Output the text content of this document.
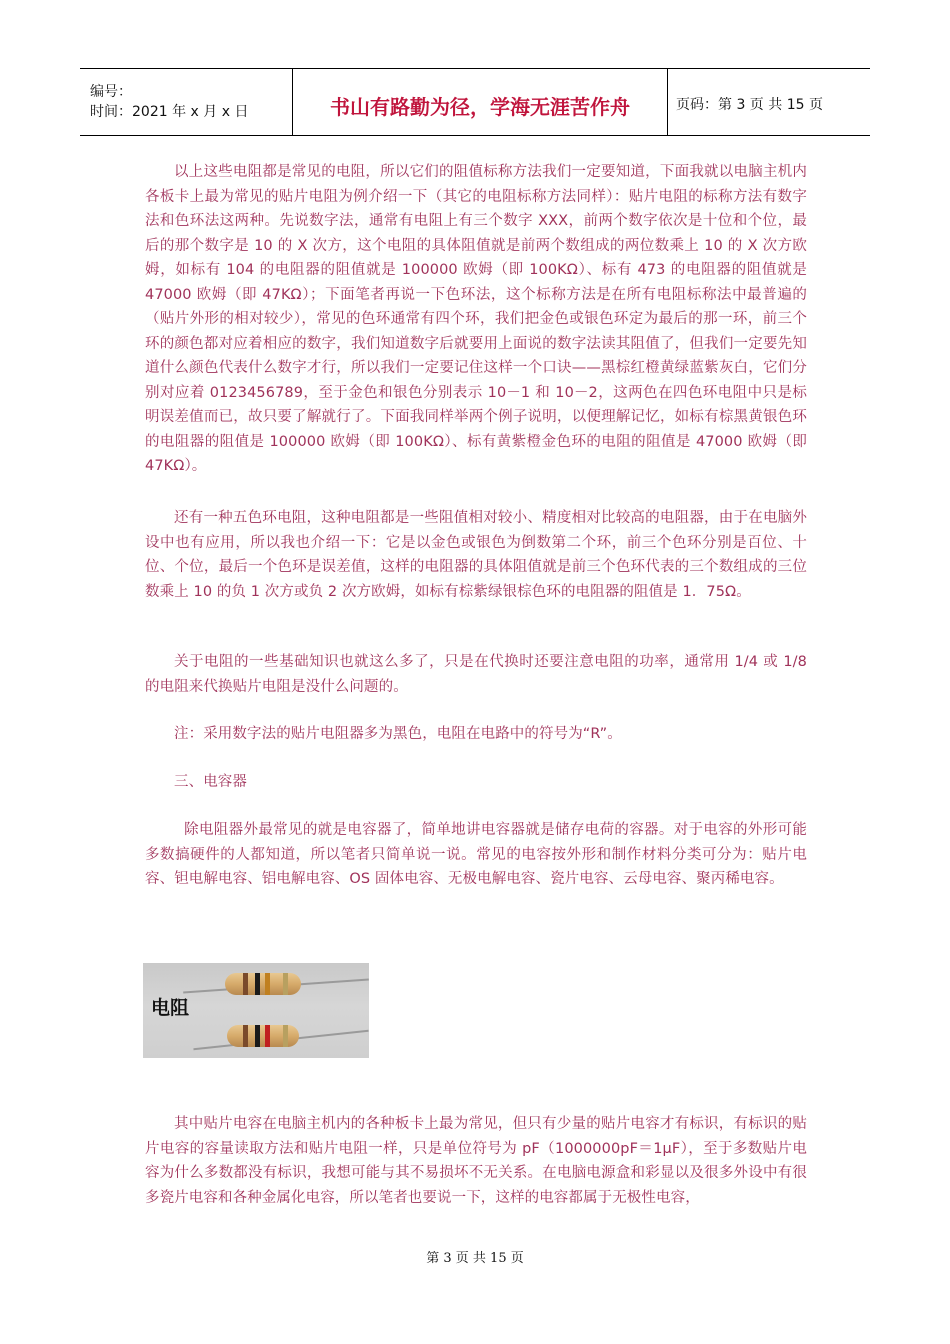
编号：
时间：2021 年 x 月 x 日	书山有路勤为径，学海无涯苦作舟	页码：第 3 页 共 15 页

以上这些电阻都是常见的电阻，所以它们的阻值标称方法我们一定要知道，下面我就以电脑主机内各板卡上最为常见的贴片电阻为例介绍一下（其它的电阻标称方法同样）：贴片电阻的标称方法有数字法和色环法这两种。先说数字法，通常有电阻上有三个数字 XXX，前两个数字依次是十位和个位，最后的那个数字是 10 的 X 次方，这个电阻的具体阻值就是前两个数组成的两位数乘上 10 的 X 次方欧姆，如标有 104 的电阻器的阻值就是 100000 欧姆（即 100KΩ）、标有 473 的电阻器的阻值就是 47000 欧姆（即 47KΩ）；下面笔者再说一下色环法，这个标称方法是在所有电阻标称法中最普遍的（贴片外形的相对较少），常见的色环通常有四个环，我们把金色或银色环定为最后的那一环，前三个环的颜色都对应着相应的数字，我们知道数字后就要用上面说的数字法读其阻值了，但我们一定要先知道什么颜色代表什么数字才行，所以我们一定要记住这样一个口诀——黑棕红橙黄绿蓝紫灰白，它们分别对应着 0123456789，至于金色和银色分别表示 10－1 和 10－2，这两色在四色环电阻中只是标明误差值而已，故只要了解就行了。下面我同样举两个例子说明，以便理解记忆，如标有棕黑黄银色环的电阻器的阻值是 100000 欧姆（即 100KΩ）、标有黄紫橙金色环的电阻的阻值是 47000 欧姆（即 47KΩ）。

还有一种五色环电阻，这种电阻都是一些阻值相对较小、精度相对比较高的电阻器，由于在电脑外设中也有应用，所以我也介绍一下：它是以金色或银色为倒数第二个环，前三个色环分别是百位、十位、个位，最后一个色环是误差值，这样的电阻器的具体阻值就是前三个色环代表的三个数组成的三位数乘上 10 的负 1 次方或负 2 次方欧姆，如标有棕紫绿银棕色环的电阻器的阻值是 1．75Ω。

关于电阻的一些基础知识也就这么多了，只是在代换时还要注意电阻的功率，通常用 1/4 或 1/8 的电阻来代换贴片电阻是没什么问题的。

注：采用数字法的贴片电阻器多为黑色，电阻在电路中的符号为“R”。

三、电容器

除电阻器外最常见的就是电容器了，简单地讲电容器就是储存电荷的容器。对于电容的外形可能多数搞硬件的人都知道，所以笔者只简单说一说。常见的电容按外形和制作材料分类可分为：贴片电容、钽电解电容、铝电解电容、OS 固体电容、无极电解电容、瓷片电容、云母电容、聚丙稀电容。

其中贴片电容在电脑主机内的各种板卡上最为常见，但只有少量的贴片电容才有标识，有标识的贴片电容的容量读取方法和贴片电阻一样，只是单位符号为 pF（1000000pF＝1μF），至于多数贴片电容为什么多数都没有标识，我想可能与其不易损坏不无关系。在电脑电源盒和彩显以及很多外设中有很多瓷片电容和各种金属化电容，所以笔者也要说一下，这样的电容都属于无极性电容，

电阻
第 3 页 共 15 页
